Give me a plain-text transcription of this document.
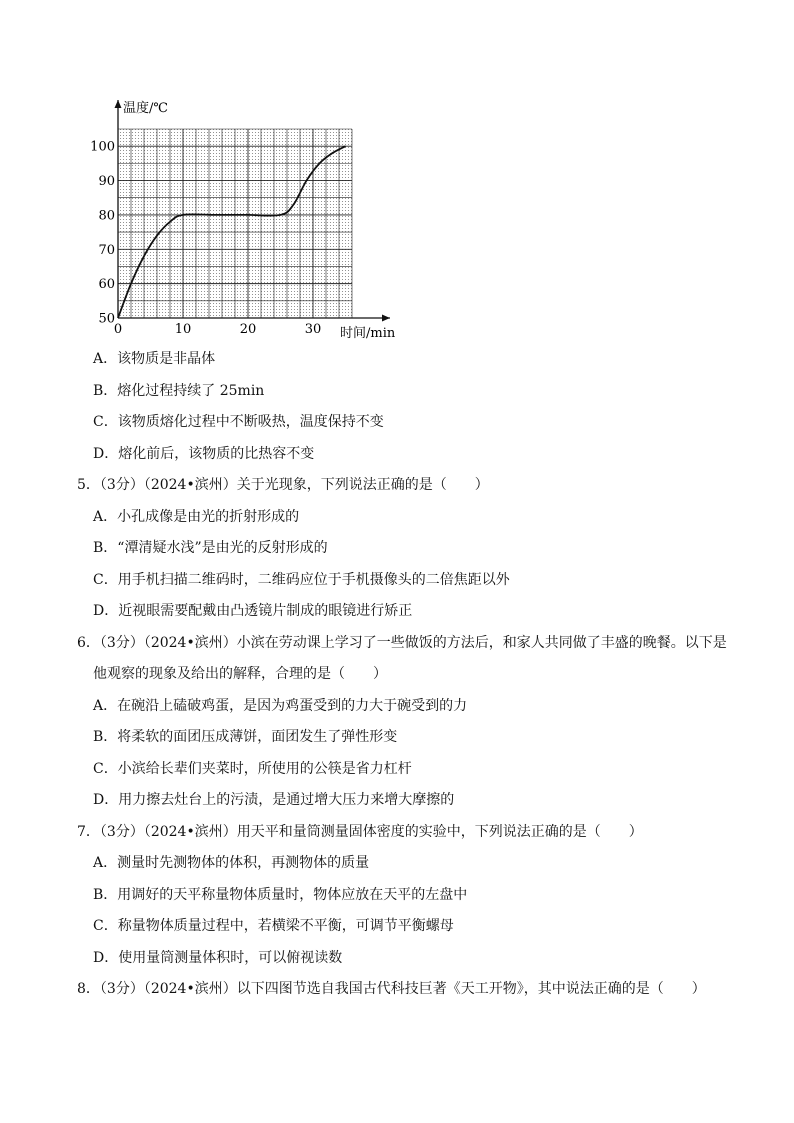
0	10	20	30
50
60
70
80
90
100
温度/℃
时间/min
A．该物质是非晶体
B．熔化过程持续了 25min
C．该物质熔化过程中不断吸热，温度保持不变
D．熔化前后，该物质的比热容不变
5．（3分）（2024•滨州）关于光现象，下列说法正确的是（　　）
A．小孔成像是由光的折射形成的
B．“潭清疑水浅”是由光的反射形成的
C．用手机扫描二维码时，二维码应位于手机摄像头的二倍焦距以外
D．近视眼需要配戴由凸透镜片制成的眼镜进行矫正
6．（3分）（2024•滨州）小滨在劳动课上学习了一些做饭的方法后，和家人共同做了丰盛的晚餐。以下是
他观察的现象及给出的解释，合理的是（　　）
A．在碗沿上磕破鸡蛋，是因为鸡蛋受到的力大于碗受到的力
B．将柔软的面团压成薄饼，面团发生了弹性形变
C．小滨给长辈们夹菜时，所使用的公筷是省力杠杆
D．用力擦去灶台上的污渍，是通过增大压力来增大摩擦的
7．（3分）（2024•滨州）用天平和量筒测量固体密度的实验中，下列说法正确的是（　　）
A．测量时先测物体的体积，再测物体的质量
B．用调好的天平称量物体质量时，物体应放在天平的左盘中
C．称量物体质量过程中，若横梁不平衡，可调节平衡螺母
D．使用量筒测量体积时，可以俯视读数
8．（3分）（2024•滨州）以下四图节选自我国古代科技巨著《天工开物》，其中说法正确的是（　　）
